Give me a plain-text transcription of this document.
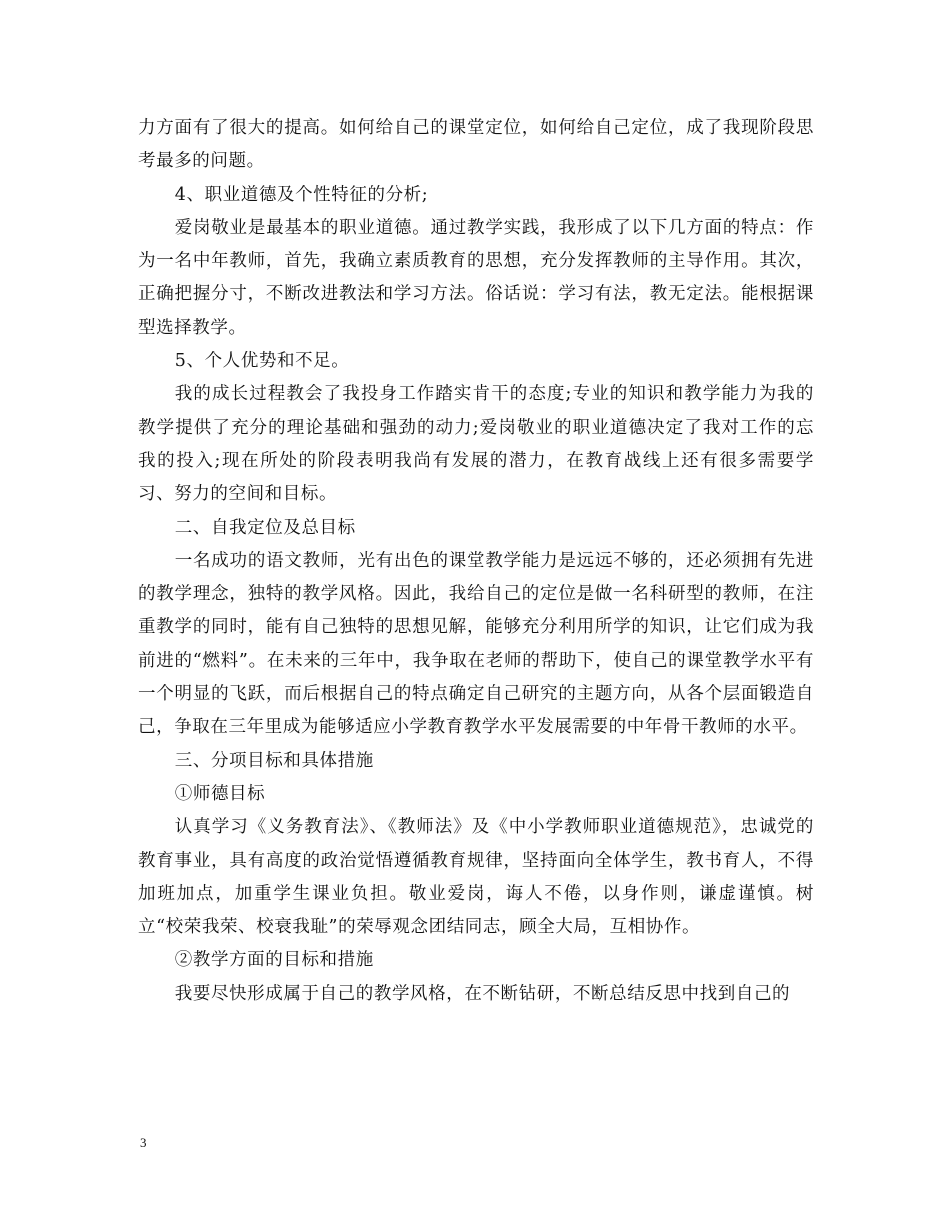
力方面有了很大的提高。如何给自己的课堂定位，如何给自己定位，成了我现阶段思考最多的问题。

4、职业道德及个性特征的分析;

爱岗敬业是最基本的职业道德。通过教学实践，我形成了以下几方面的特点：作为一名中年教师，首先，我确立素质教育的思想，充分发挥教师的主导作用。其次，正确把握分寸，不断改进教法和学习方法。俗话说：学习有法，教无定法。能根据课型选择教学。

5、个人优势和不足。

我的成长过程教会了我投身工作踏实肯干的态度;专业的知识和教学能力为我的教学提供了充分的理论基础和强劲的动力;爱岗敬业的职业道德决定了我对工作的忘我的投入;现在所处的阶段表明我尚有发展的潜力，在教育战线上还有很多需要学习、努力的空间和目标。

二、自我定位及总目标

一名成功的语文教师，光有出色的课堂教学能力是远远不够的，还必须拥有先进的教学理念，独特的教学风格。因此，我给自己的定位是做一名科研型的教师，在注重教学的同时，能有自己独特的思想见解，能够充分利用所学的知识，让它们成为我前进的“燃料”。在未来的三年中，我争取在老师的帮助下，使自己的课堂教学水平有一个明显的飞跃，而后根据自己的特点确定自己研究的主题方向，从各个层面锻造自己，争取在三年里成为能够适应小学教育教学水平发展需要的中年骨干教师的水平。

三、分项目标和具体措施

①师德目标

认真学习《义务教育法》、《教师法》及《中小学教师职业道德规范》，忠诚党的教育事业，具有高度的政治觉悟遵循教育规律，坚持面向全体学生，教书育人，不得加班加点，加重学生课业负担。敬业爱岗，诲人不倦，以身作则，谦虚谨慎。树立“校荣我荣、校衰我耻”的荣辱观念团结同志，顾全大局，互相协作。

②教学方面的目标和措施

我要尽快形成属于自己的教学风格，在不断钻研，不断总结反思中找到自己的

3
